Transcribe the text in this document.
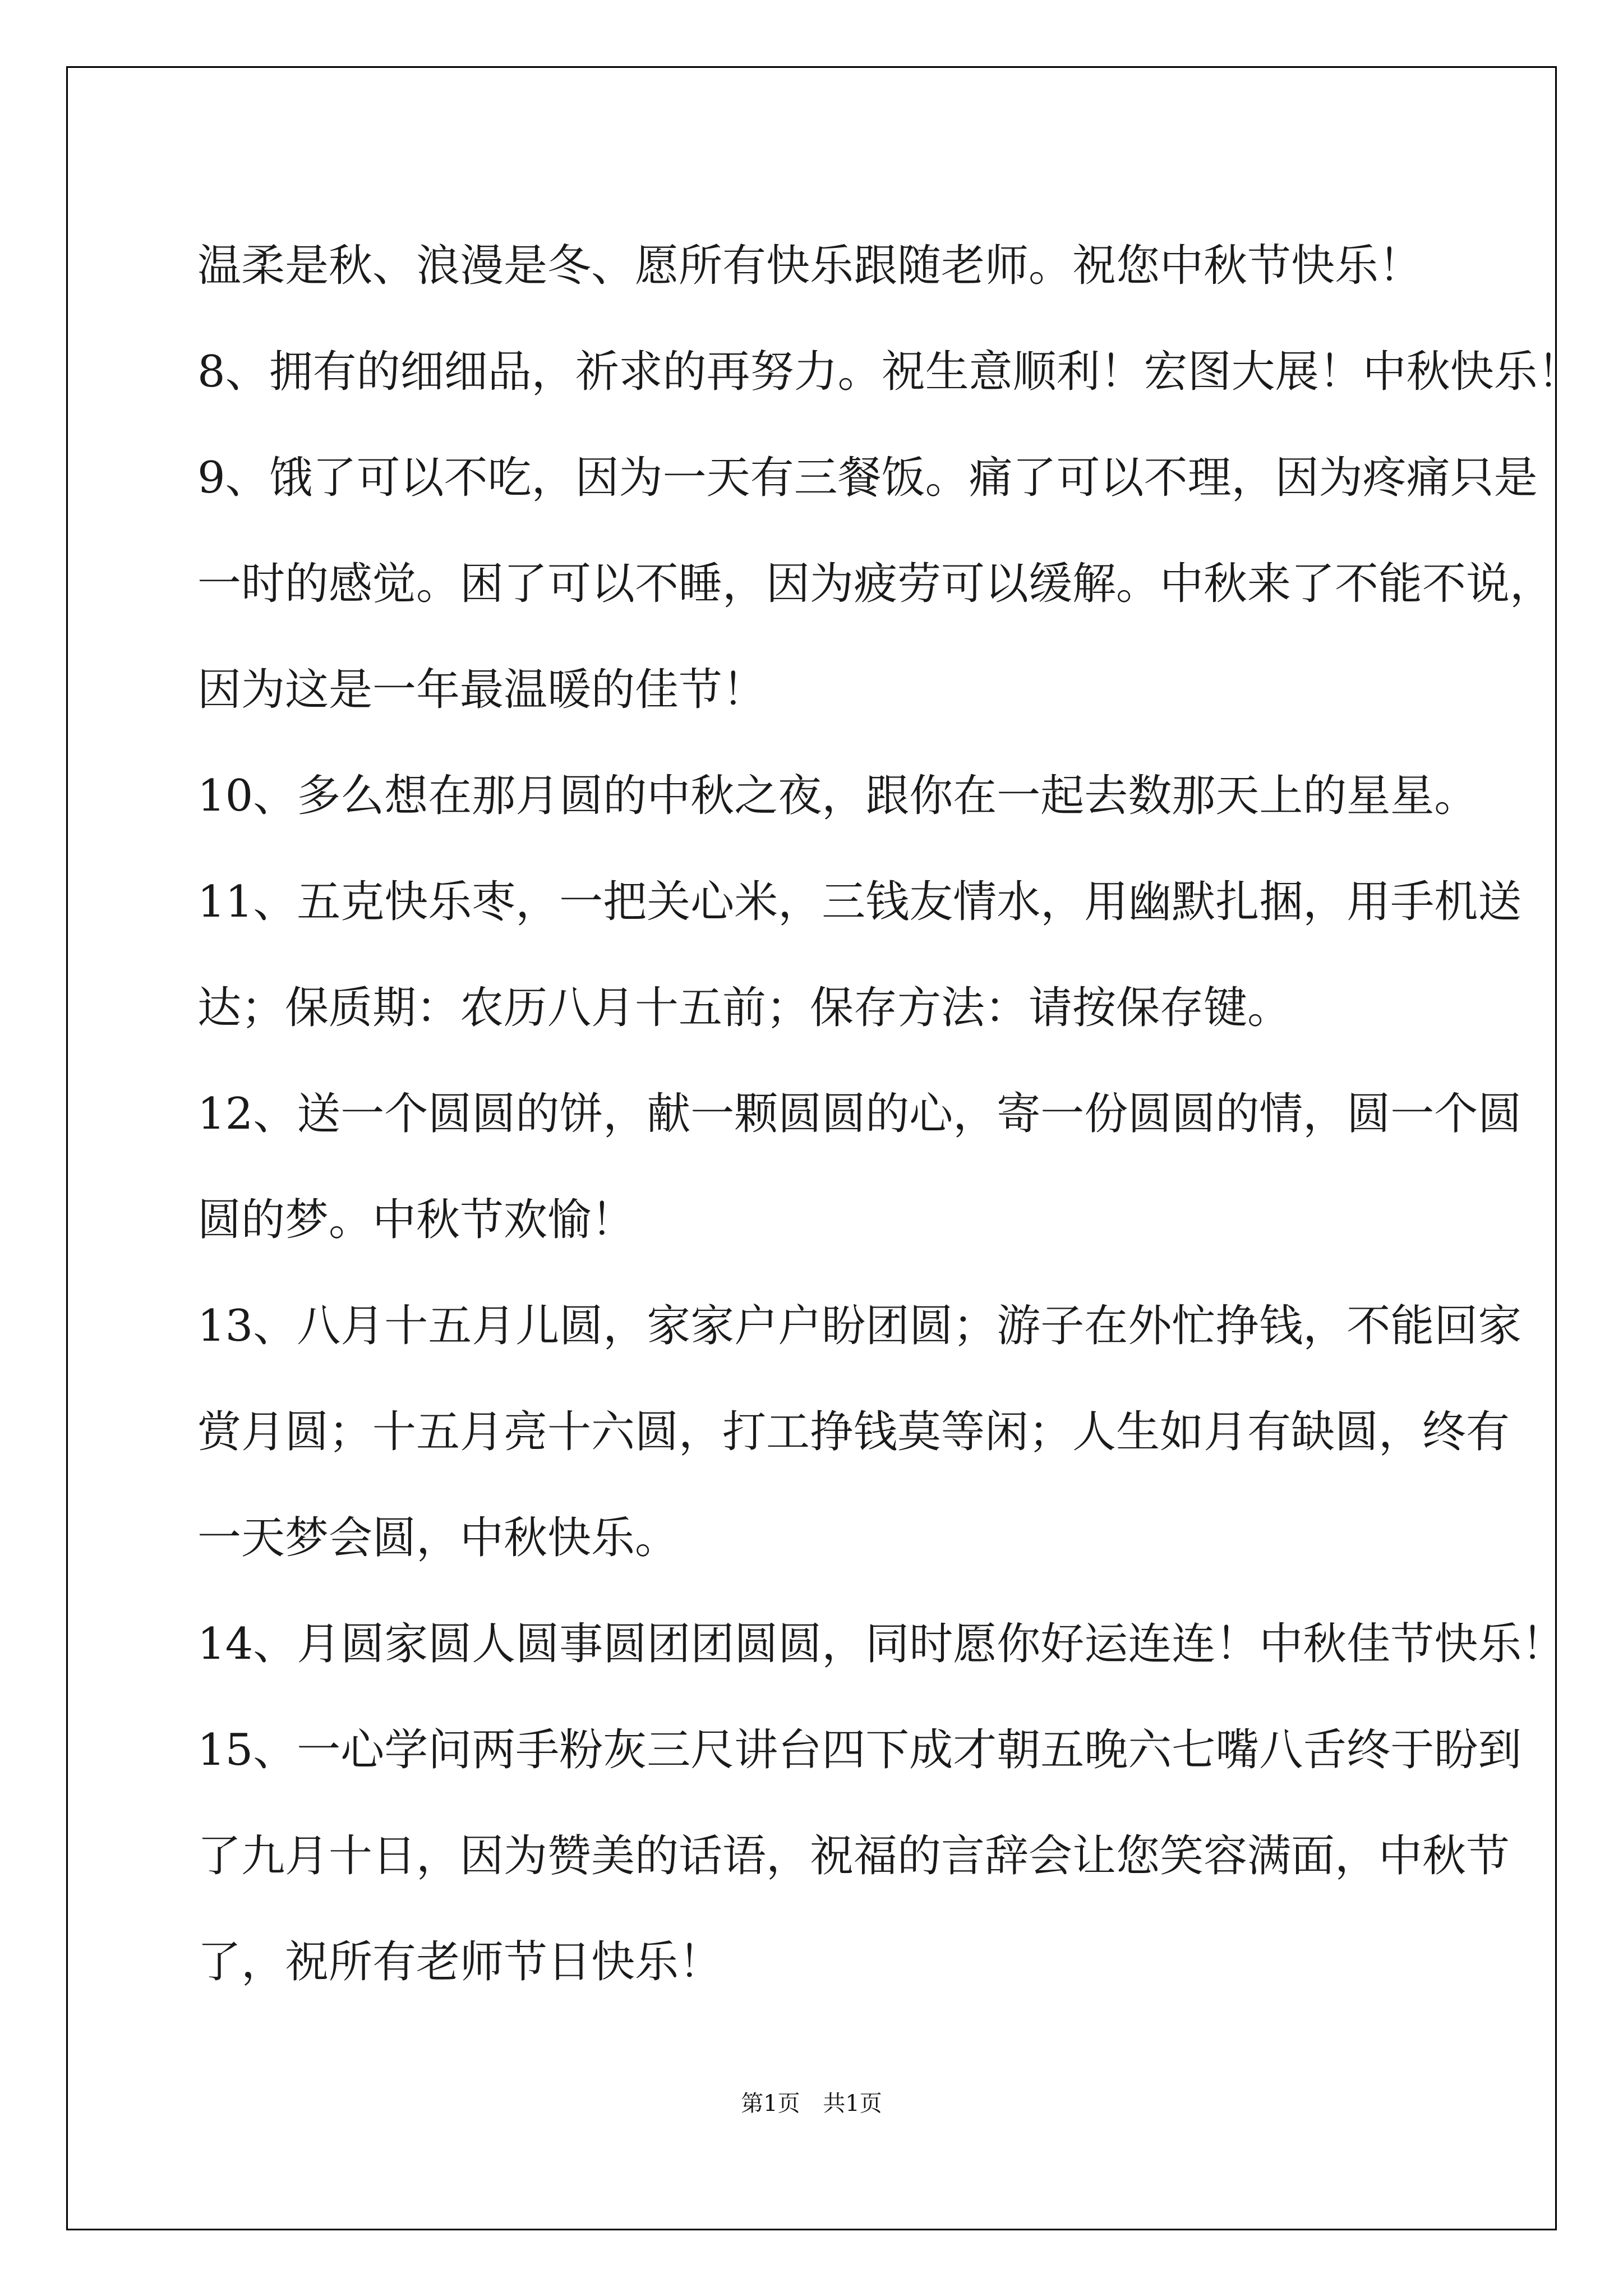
温柔是秋、浪漫是冬、愿所有快乐跟随老师。祝您中秋节快乐！
8、拥有的细细品，祈求的再努力。祝生意顺利！宏图大展！中秋快乐！
9、饿了可以不吃，因为一天有三餐饭。痛了可以不理，因为疼痛只是
一时的感觉。困了可以不睡，因为疲劳可以缓解。中秋来了不能不说，
因为这是一年最温暖的佳节！
10、多么想在那月圆的中秋之夜，跟你在一起去数那天上的星星。
11、五克快乐枣，一把关心米，三钱友情水，用幽默扎捆，用手机送
达；保质期：农历八月十五前；保存方法：请按保存键。
12、送一个圆圆的饼，献一颗圆圆的心，寄一份圆圆的情，圆一个圆
圆的梦。中秋节欢愉！
13、八月十五月儿圆，家家户户盼团圆；游子在外忙挣钱，不能回家
赏月圆；十五月亮十六圆，打工挣钱莫等闲；人生如月有缺圆，终有
一天梦会圆，中秋快乐。
14、月圆家圆人圆事圆团团圆圆，同时愿你好运连连！中秋佳节快乐！
15、一心学问两手粉灰三尺讲台四下成才朝五晚六七嘴八舌终于盼到
了九月十日，因为赞美的话语，祝福的言辞会让您笑容满面，中秋节
了，祝所有老师节日快乐！
第1页 共1页
